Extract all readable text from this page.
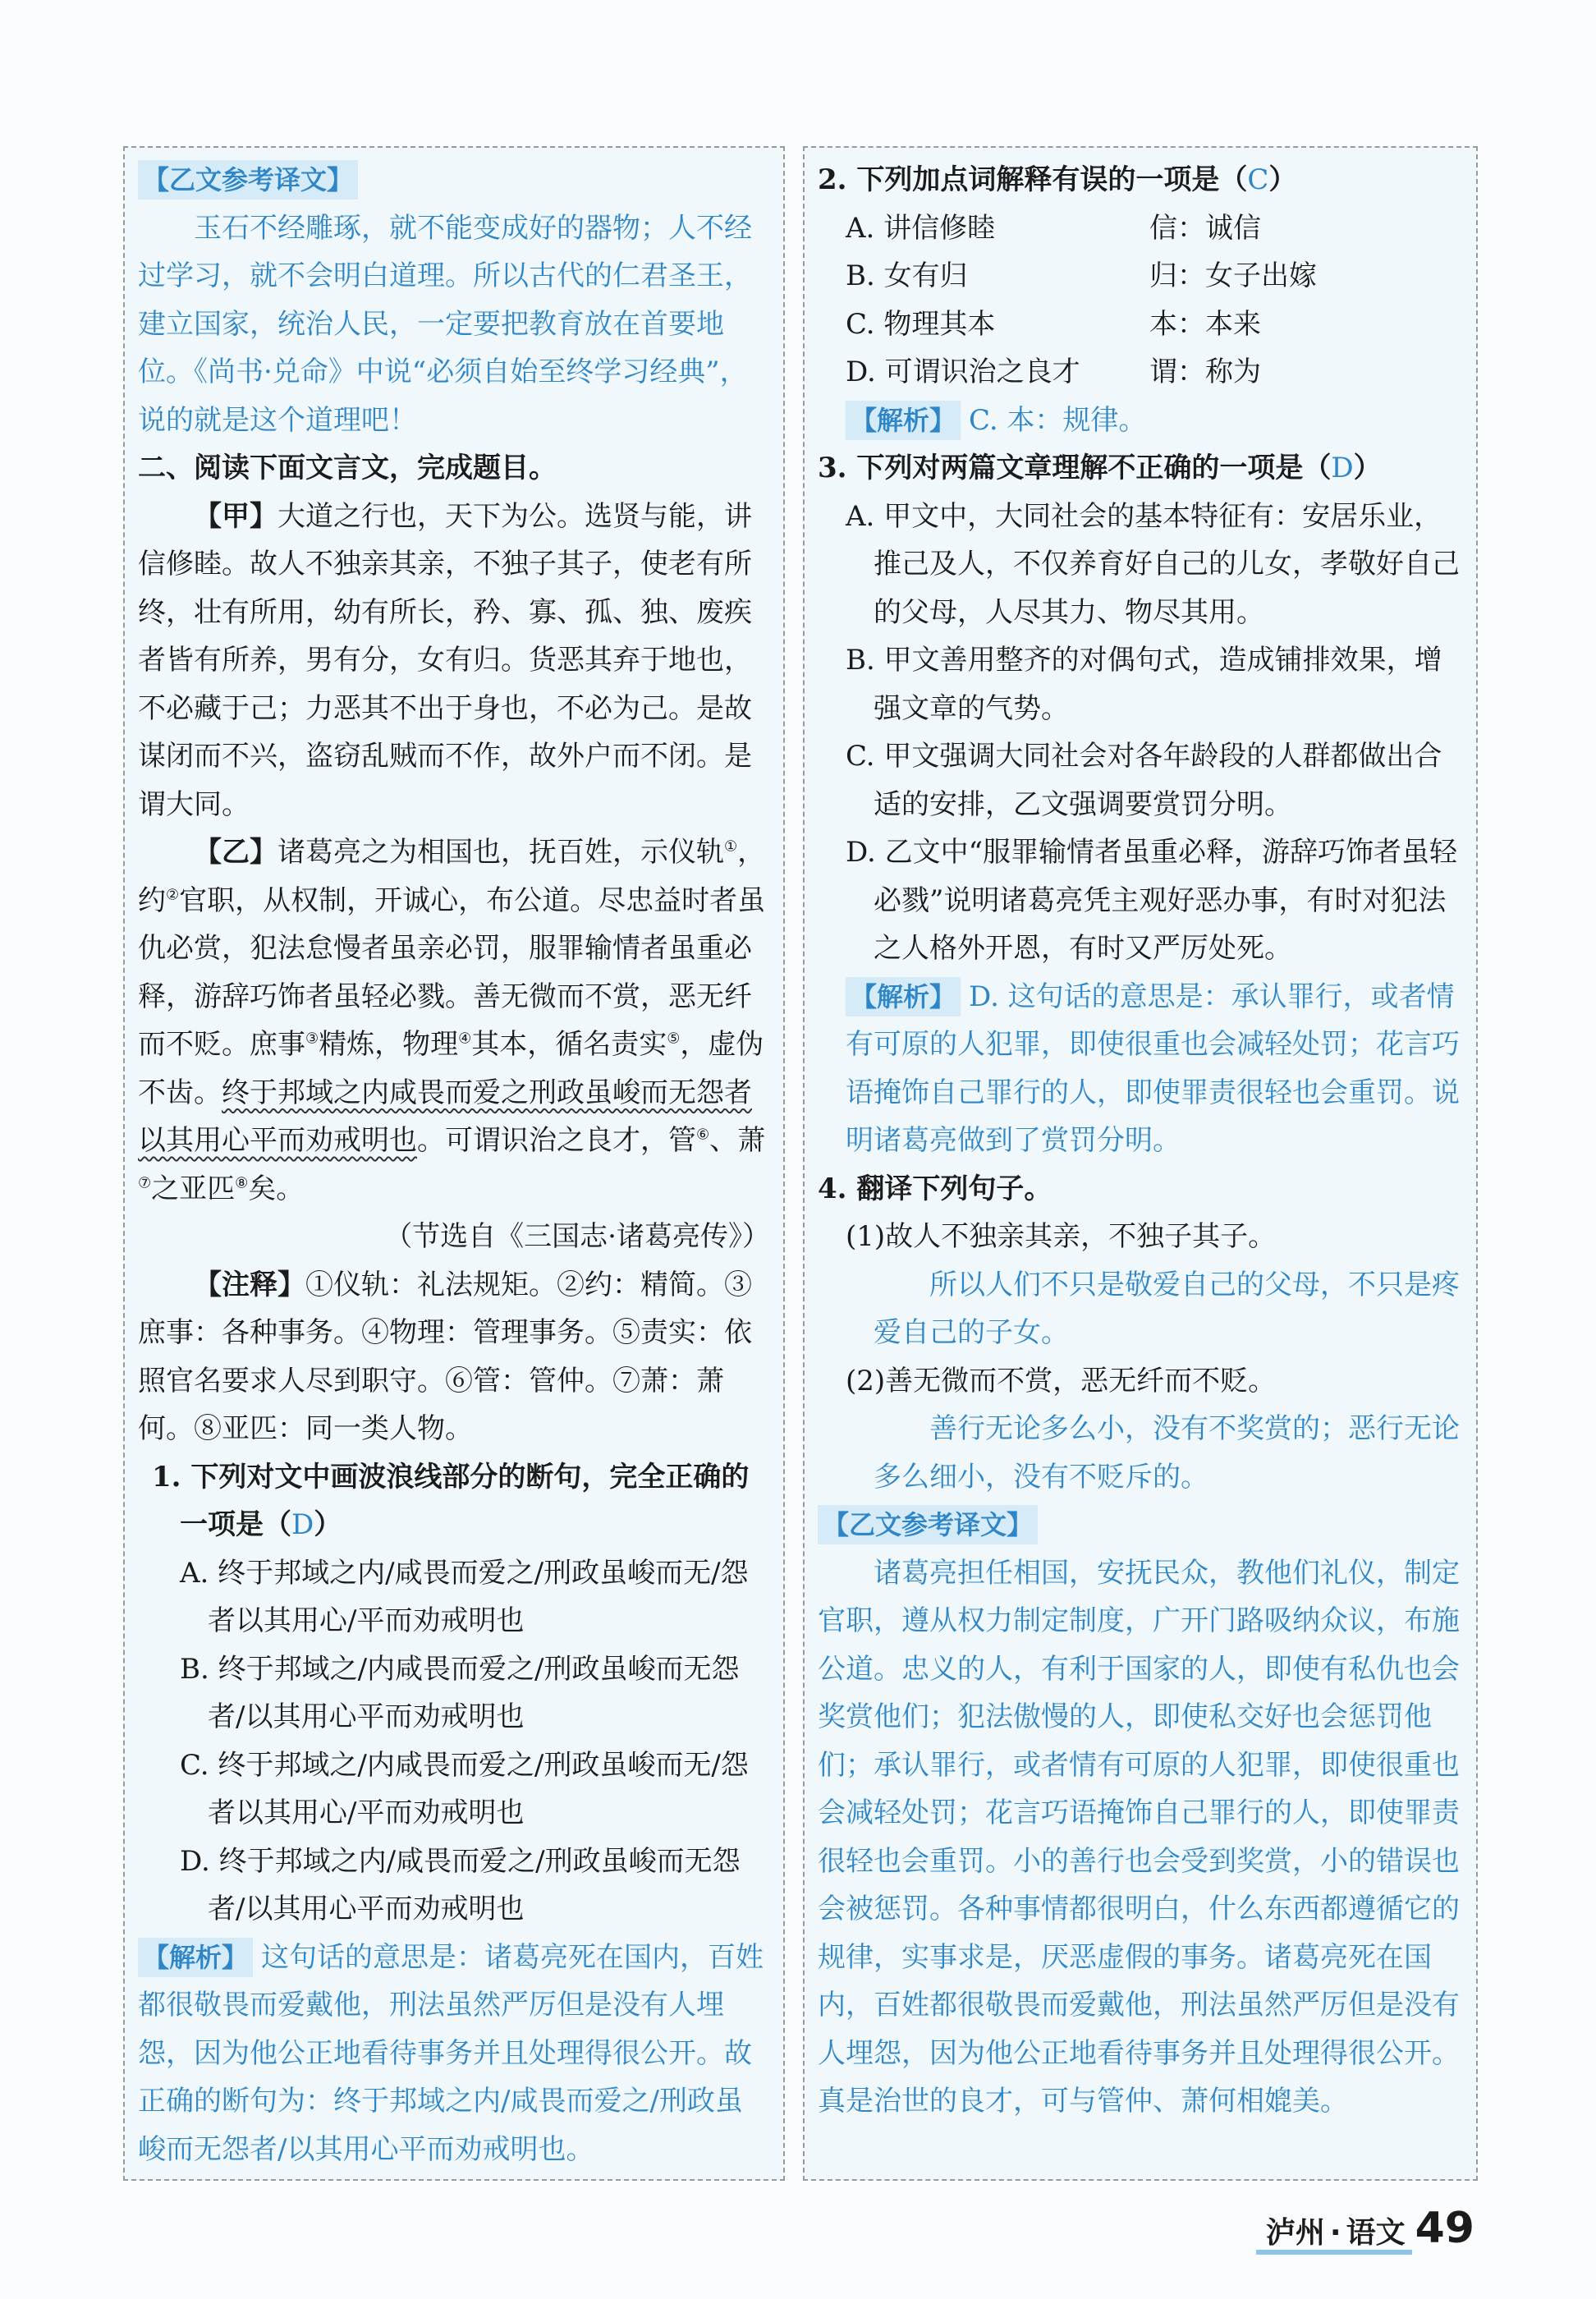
【乙文参考译文】

玉石不经雕琢，就不能变成好的器物；人不经过学习，就不会明白道理。所以古代的仁君圣王，建立国家，统治人民，一定要把教育放在首要地位。《尚书·兑命》中说“必须自始至终学习经典”，说的就是这个道理吧！

二、阅读下面文言文，完成题目。

【甲】大道之行也，天下为公。选贤与能，讲信修睦。故人不独亲其亲，不独子其子，使老有所终，壮有所用，幼有所长，矜、寡、孤、独、废疾者皆有所养，男有分，女有归。货恶其弃于地也，不必藏于己；力恶其不出于身也，不必为己。是故谋闭而不兴，盗窃乱贼而不作，故外户而不闭。是谓大同。

【乙】诸葛亮之为相国也，抚百姓，示仪轨①，约②官职，从权制，开诚心，布公道。尽忠益时者虽仇必赏，犯法怠慢者虽亲必罚，服罪输情者虽重必释，游辞巧饰者虽轻必戮。善无微而不赏，恶无纤而不贬。庶事③精炼，物理④其本，循名责实⑤，虚伪不齿。终于邦域之内咸畏而爱之刑政虽峻而无怨者以其用心平而劝戒明也。可谓识治之良才，管⑥、萧⑦之亚匹⑧矣。

（节选自《三国志·诸葛亮传》）

【注释】①仪轨：礼法规矩。②约：精简。③庶事：各种事务。④物理：管理事务。⑤责实：依照官名要求人尽到职守。⑥管：管仲。⑦萧：萧何。⑧亚匹：同一类人物。

1. 下列对文中画波浪线部分的断句，完全正确的一项是（D）

A. 终于邦域之内/咸畏而爱之/刑政虽峻而无/怨者以其用心/平而劝戒明也

B. 终于邦域之/内咸畏而爱之/刑政虽峻而无怨者/以其用心平而劝戒明也

C. 终于邦域之/内咸畏而爱之/刑政虽峻而无/怨者以其用心/平而劝戒明也

D. 终于邦域之内/咸畏而爱之/刑政虽峻而无怨者/以其用心平而劝戒明也

【解析】 这句话的意思是：诸葛亮死在国内，百姓都很敬畏而爱戴他，刑法虽然严厉但是没有人埋怨，因为他公正地看待事务并且处理得很公开。故正确的断句为：终于邦域之内/咸畏而爱之/刑政虽峻而无怨者/以其用心平而劝戒明也。

2. 下列加点词解释有误的一项是（C）

A. 讲信修睦	信：诚信
B. 女有归	归：女子出嫁
C. 物理其本	本：本来
D. 可谓识治之良才	谓：称为

【解析】 C. 本：规律。

3. 下列对两篇文章理解不正确的一项是（D）

A. 甲文中，大同社会的基本特征有：安居乐业，推己及人，不仅养育好自己的儿女，孝敬好自己的父母，人尽其力、物尽其用。

B. 甲文善用整齐的对偶句式，造成铺排效果，增强文章的气势。

C. 甲文强调大同社会对各年龄段的人群都做出合适的安排，乙文强调要赏罚分明。

D. 乙文中“服罪输情者虽重必释，游辞巧饰者虽轻必戮”说明诸葛亮凭主观好恶办事，有时对犯法之人格外开恩，有时又严厉处死。

【解析】 D. 这句话的意思是：承认罪行，或者情有可原的人犯罪，即使很重也会减轻处罚；花言巧语掩饰自己罪行的人，即使罪责很轻也会重罚。说明诸葛亮做到了赏罚分明。

4. 翻译下列句子。

(1)故人不独亲其亲，不独子其子。

所以人们不只是敬爱自己的父母，不只是疼爱自己的子女。

(2)善无微而不赏，恶无纤而不贬。

善行无论多么小，没有不奖赏的；恶行无论多么细小，没有不贬斥的。

【乙文参考译文】

诸葛亮担任相国，安抚民众，教他们礼仪，制定官职，遵从权力制定制度，广开门路吸纳众议，布施公道。忠义的人，有利于国家的人，即使有私仇也会奖赏他们；犯法傲慢的人，即使私交好也会惩罚他们；承认罪行，或者情有可原的人犯罪，即使很重也会减轻处罚；花言巧语掩饰自己罪行的人，即使罪责很轻也会重罚。小的善行也会受到奖赏，小的错误也会被惩罚。各种事情都很明白，什么东西都遵循它的规律，实事求是，厌恶虚假的事务。诸葛亮死在国内，百姓都很敬畏而爱戴他，刑法虽然严厉但是没有人埋怨，因为他公正地看待事务并且处理得很公开。真是治世的良才，可与管仲、萧何相媲美。

泸州 · 语文 49
